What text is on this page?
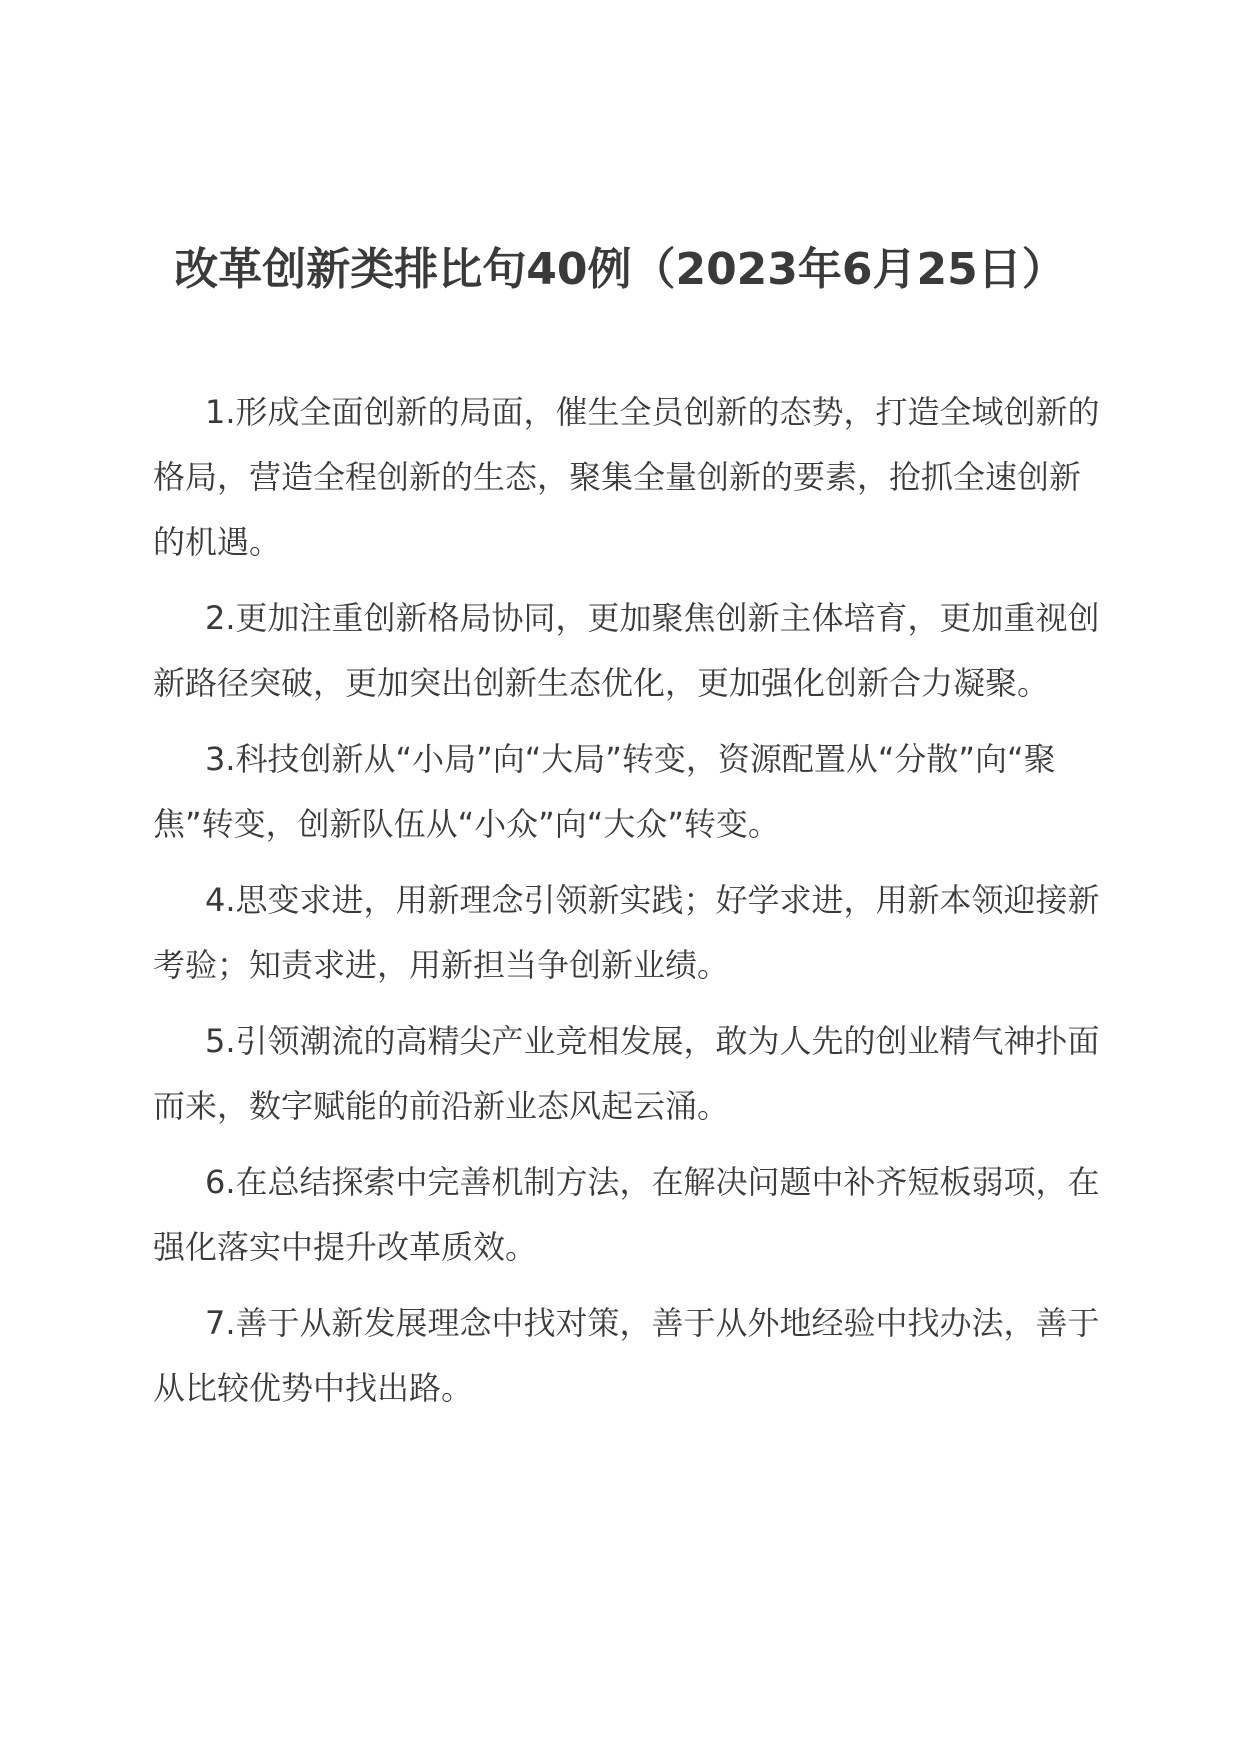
改革创新类排比句40例（2023年6月25日）

1.形成全面创新的局面，催生全员创新的态势，打造全域创新的格局，营造全程创新的生态，聚集全量创新的要素，抢抓全速创新的机遇。

2.更加注重创新格局协同，更加聚焦创新主体培育，更加重视创新路径突破，更加突出创新生态优化，更加强化创新合力凝聚。

3.科技创新从“小局”向“大局”转变，资源配置从“分散”向“聚焦”转变，创新队伍从“小众”向“大众”转变。

4.思变求进，用新理念引领新实践；好学求进，用新本领迎接新考验；知责求进，用新担当争创新业绩。

5.引领潮流的高精尖产业竞相发展，敢为人先的创业精气神扑面而来，数字赋能的前沿新业态风起云涌。

6.在总结探索中完善机制方法，在解决问题中补齐短板弱项，在强化落实中提升改革质效。

7.善于从新发展理念中找对策，善于从外地经验中找办法，善于从比较优势中找出路。
